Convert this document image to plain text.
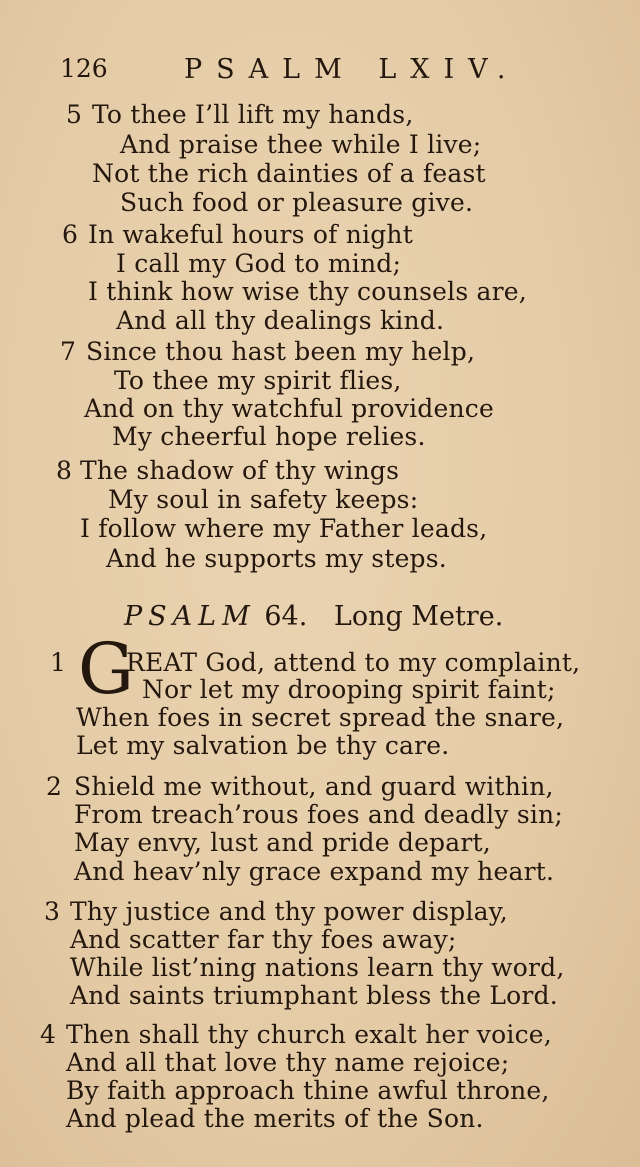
126	PSALM LXIV.
5 To thee I’ll lift my hands,
And praise thee while I live;
Not the rich dainties of a feast
Such food or pleasure give.
6 In wakeful hours of night
I call my God to mind;
I think how wise thy counsels are,
And all thy dealings kind.
7 Since thou hast been my help,
To thee my spirit flies,
And on thy watchful providence
My cheerful hope relies.
8 The shadow of thy wings
My soul in safety keeps:
I follow where my Father leads,
And he supports my steps.
PSALM 64. Long Metre.
1 G
REAT God, attend to my complaint,
Nor let my drooping spirit faint;
When foes in secret spread the snare,
Let my salvation be thy care.
2 Shield me without, and guard within,
From treach’rous foes and deadly sin;
May envy, lust and pride depart,
And heav’nly grace expand my heart.
3 Thy justice and thy power display,
And scatter far thy foes away;
While list’ning nations learn thy word,
And saints triumphant bless the Lord.
4 Then shall thy church exalt her voice,
And all that love thy name rejoice;
By faith approach thine awful throne,
And plead the merits of the Son.
